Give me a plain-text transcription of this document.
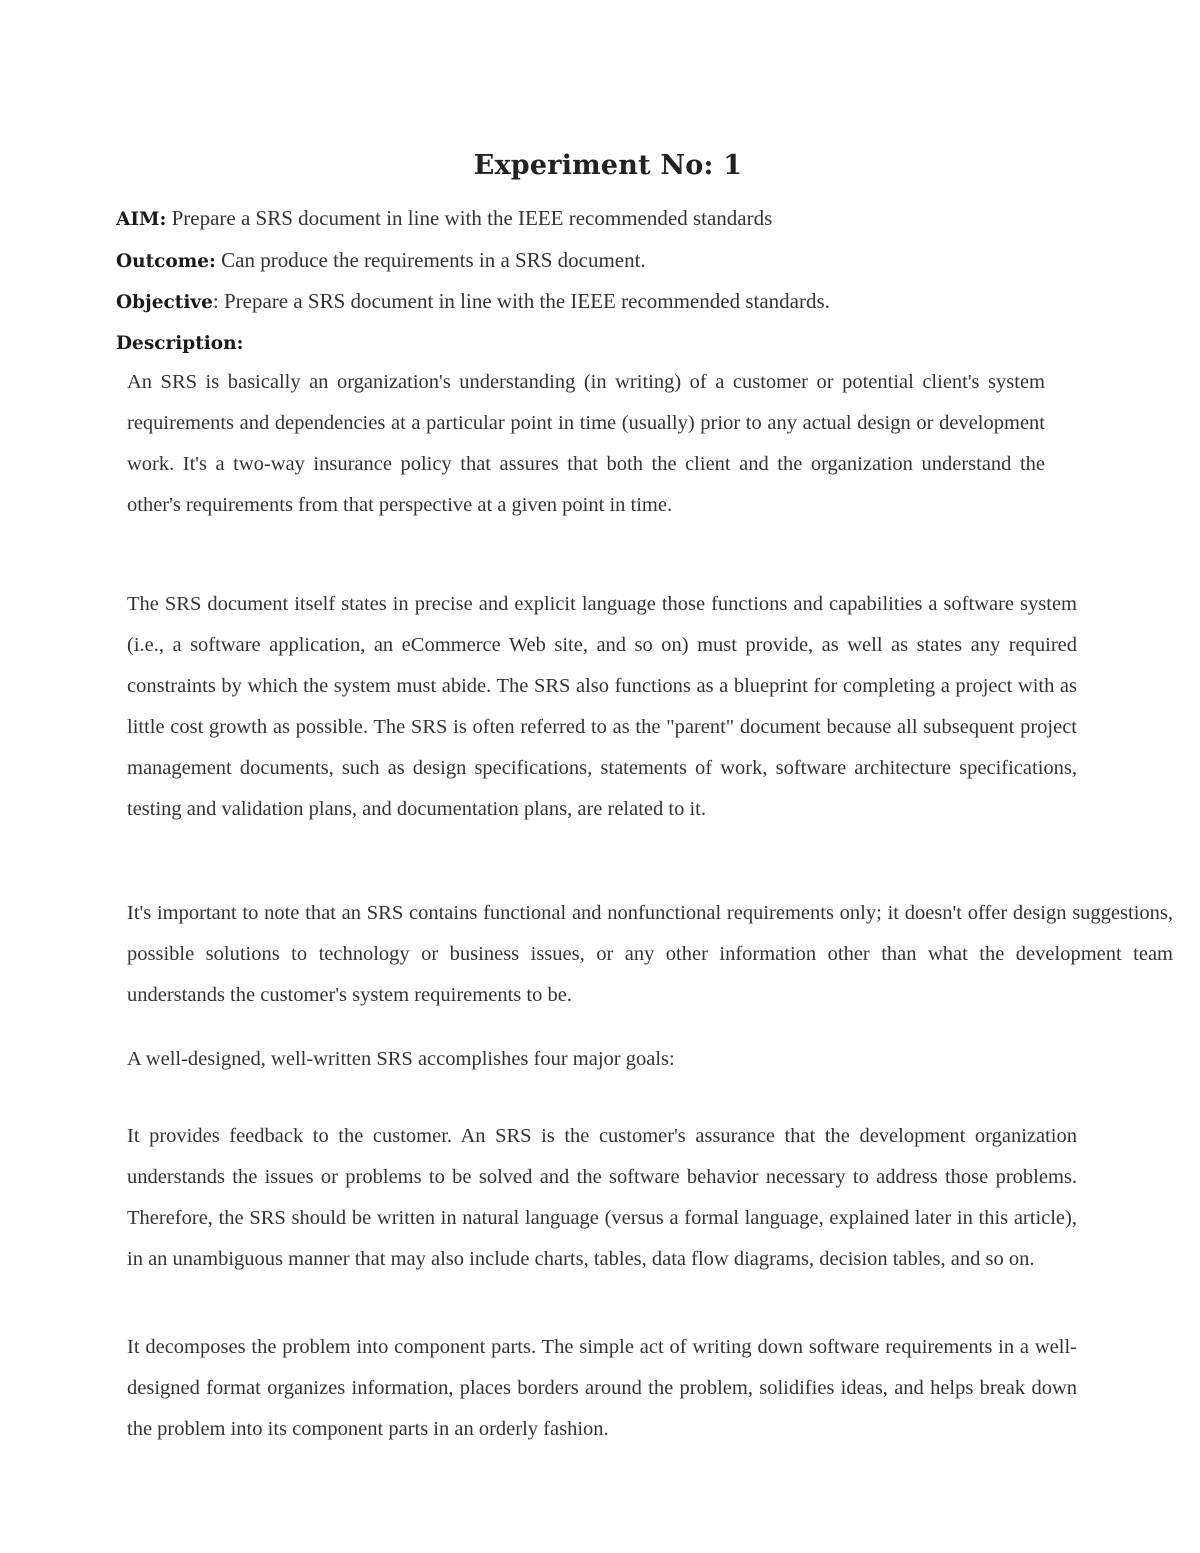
Experiment No: 1
AIM: Prepare a SRS document in line with the IEEE recommended standards
Outcome: Can produce the requirements in a SRS document.
Objective: Prepare a SRS document in line with the IEEE recommended standards.
Description:

An SRS is basically an organization's understanding (in writing) of a customer or potential client's system requirements and dependencies at a particular point in time (usually) prior to any actual design or development work. It's a two-way insurance policy that assures that both the client and the organization understand the other's requirements from that perspective at a given point in time.

The SRS document itself states in precise and explicit language those functions and capabilities a software system (i.e., a software application, an eCommerce Web site, and so on) must provide, as well as states any required constraints by which the system must abide. The SRS also functions as a blueprint for completing a project with as little cost growth as possible. The SRS is often referred to as the "parent" document because all subsequent project management documents, such as design specifications, statements of work, software architecture specifications, testing and validation plans, and documentation plans, are related to it.

It's important to note that an SRS contains functional and nonfunctional requirements only; it doesn't offer design suggestions, possible solutions to technology or business issues, or any other information other than what the development team understands the customer's system requirements to be.

A well-designed, well-written SRS accomplishes four major goals:

It provides feedback to the customer. An SRS is the customer's assurance that the development organization understands the issues or problems to be solved and the software behavior necessary to address those problems. Therefore, the SRS should be written in natural language (versus a formal language, explained later in this article), in an unambiguous manner that may also include charts, tables, data flow diagrams, decision tables, and so on.

It decomposes the problem into component parts. The simple act of writing down software requirements in a well-designed format organizes information, places borders around the problem, solidifies ideas, and helps break down the problem into its component parts in an orderly fashion.
